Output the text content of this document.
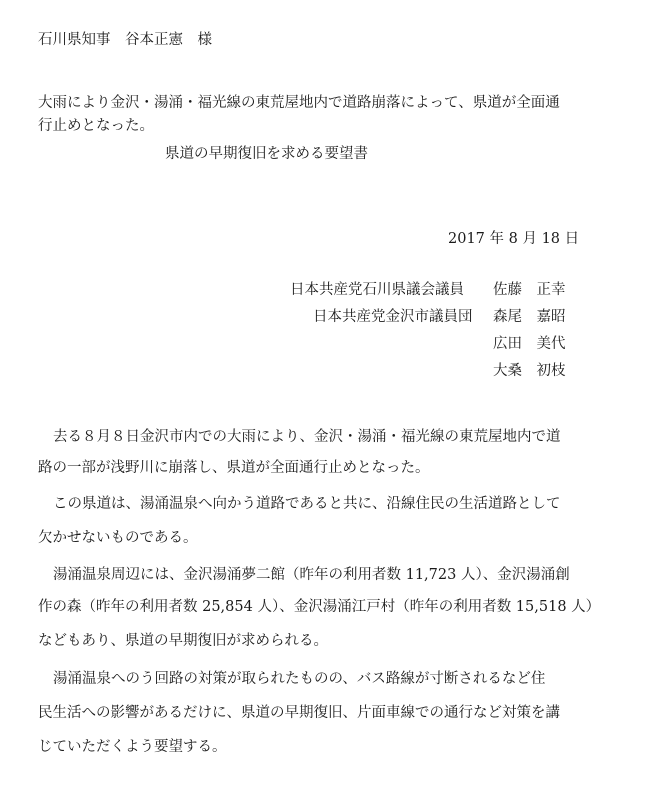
石川県知事　谷本正憲　様
大雨により金沢・湯涌・福光線の東荒屋地内で道路崩落によって、県道が全面通
行止めとなった。
県道の早期復旧を求める要望書
2017 年 8 月 18 日
日本共産党石川県議会議員
日本共産党金沢市議員団
佐藤　正幸
森尾　嘉昭
広田　美代
大桑　初枝
去る８月８日金沢市内での大雨により、金沢・湯涌・福光線の東荒屋地内で道
路の一部が浅野川に崩落し、県道が全面通行止めとなった。
この県道は、湯涌温泉へ向かう道路であると共に、沿線住民の生活道路として
欠かせないものである。
湯涌温泉周辺には、金沢湯涌夢二館（昨年の利用者数 11,723 人）、金沢湯涌創
作の森（昨年の利用者数 25,854 人）、金沢湯涌江戸村（昨年の利用者数 15,518 人）
などもあり、県道の早期復旧が求められる。
湯涌温泉へのう回路の対策が取られたものの、バス路線が寸断されるなど住
民生活への影響があるだけに、県道の早期復旧、片面車線での通行など対策を講
じていただくよう要望する。
